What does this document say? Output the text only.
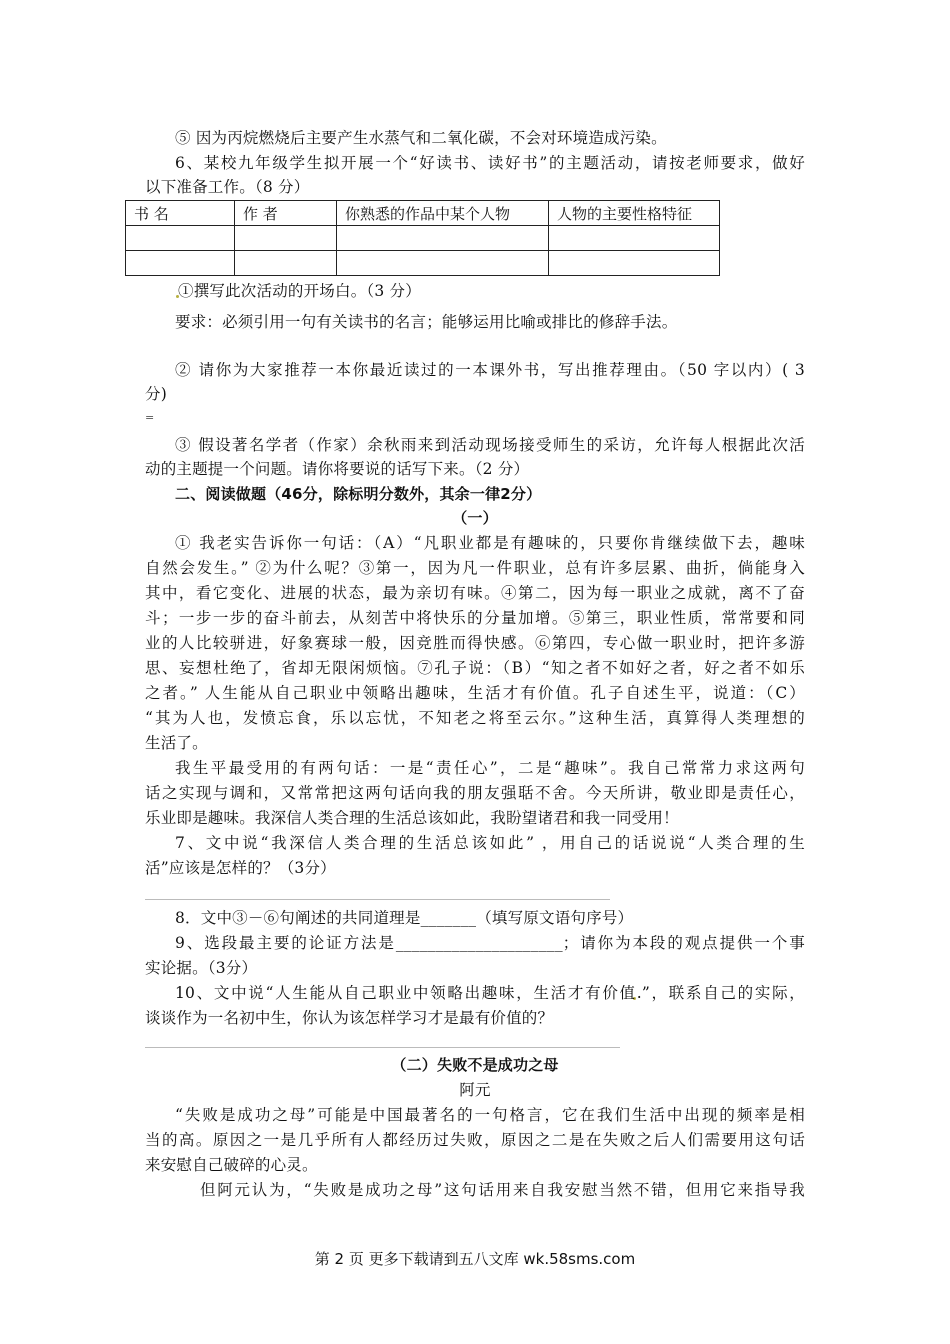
⑤ 因为丙烷燃烧后主要产生水蒸气和二氧化碳，不会对环境造成污染。
6、某校九年级学生拟开展一个“好读书、读好书”的主题活动，请按老师要求，做好
以下准备工作。（8 分）
书 名	作 者	你熟悉的作品中某个人物	人物的主要性格特征

①撰写此次活动的开场白。（3 分）
要求：必须引用一句有关读书的名言；能够运用比喻或排比的修辞手法。
② 请你为大家推荐一本你最近读过的一本课外书，写出推荐理由。（50 字以内）( 3
分)
=
③ 假设著名学者（作家）余秋雨来到活动现场接受师生的采访，允许每人根据此次活
动的主题提一个问题。请你将要说的话写下来。（2 分）
二、阅读做题（46分，除标明分数外，其余一律2分）
（一）
① 我老实告诉你一句话：（A）“凡职业都是有趣味的，只要你肯继续做下去，趣味
自然会发生。” ②为什么呢？③第一，因为凡一件职业，总有许多层累、曲折，倘能身入
其中，看它变化、进展的状态，最为亲切有味。④第二，因为每一职业之成就，离不了奋
斗；一步一步的奋斗前去，从刻苦中将快乐的分量加增。⑤第三，职业性质，常常要和同
业的人比较骈进，好象赛球一般，因竞胜而得快感。⑥第四，专心做一职业时，把许多游
思、妄想杜绝了，省却无限闲烦恼。⑦孔子说：（B）“知之者不如好之者，好之者不如乐
之者。” 人生能从自己职业中领略出趣味，生活才有价值。孔子自述生平，说道：（C）
“其为人也，发愤忘食，乐以忘忧，不知老之将至云尔。”这种生活，真算得人类理想的
生活了。
我生平最受用的有两句话：一是“责任心”，二是“趣味”。我自己常常力求这两句
话之实现与调和，又常常把这两句话向我的朋友强聒不舍。今天所讲，敬业即是责任心，
乐业即是趣味。我深信人类合理的生活总该如此，我盼望诸君和我一同受用！
7、文中说“我深信人类合理的生活总该如此” ，用自己的话说说“人类合理的生
活”应该是怎样的？（3分）
8．文中③－⑥句阐述的共同道理是_______（填写原文语句序号）
9、选段最主要的论证方法是_____________________；请你为本段的观点提供一个事
实论据。（3分）
10、文中说“人生能从自己职业中领略出趣味，生活才有价值.”，联系自己的实际，
谈谈作为一名初中生，你认为该怎样学习才是最有价值的？
（二）失败不是成功之母
阿元
“失败是成功之母”可能是中国最著名的一句格言，它在我们生活中出现的频率是相
当的高。原因之一是几乎所有人都经历过失败，原因之二是在失败之后人们需要用这句话
来安慰自己破碎的心灵。
但阿元认为，“失败是成功之母”这句话用来自我安慰当然不错，但用它来指导我
第 2 页 更多下载请到五八文库 wk.58sms.com
